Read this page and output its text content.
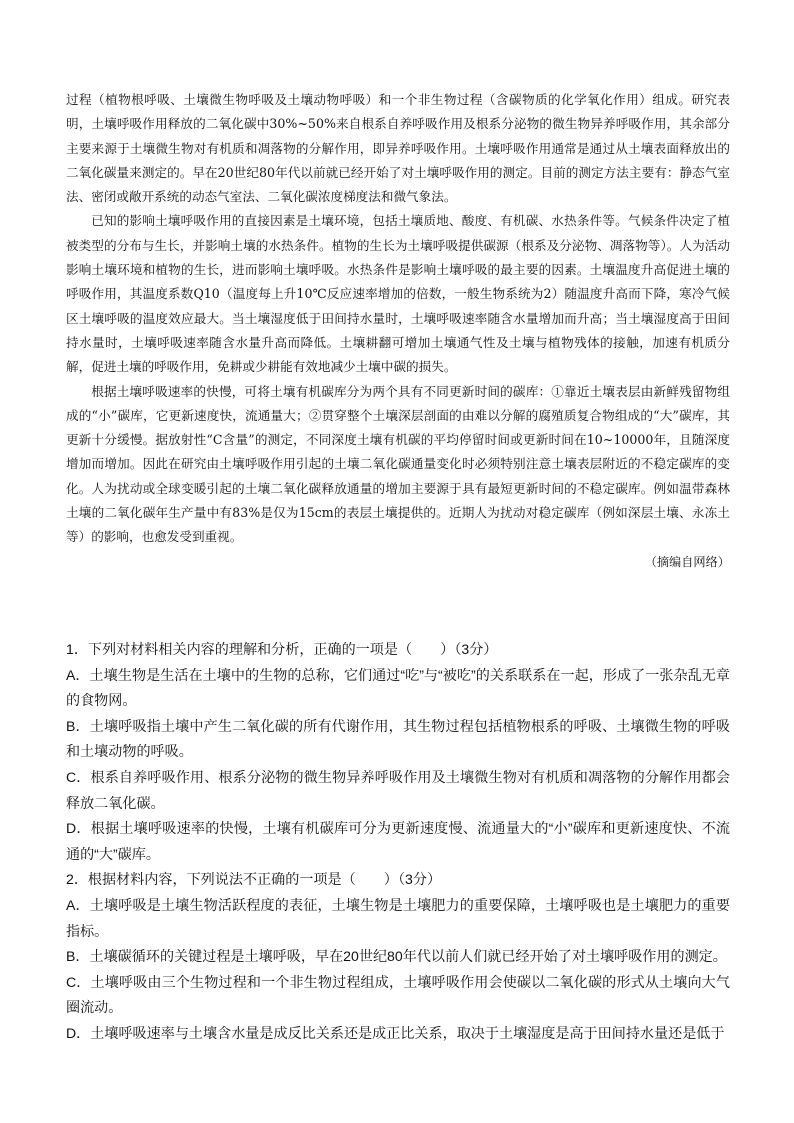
过程（植物根呼吸、土壤微生物呼吸及土壤动物呼吸）和一个非生物过程（含碳物质的化学氧化作用）组成。研究表明，土壤呼吸作用释放的二氧化碳中30%~50%来自根系自养呼吸作用及根系分泌物的微生物异养呼吸作用，其余部分主要来源于土壤微生物对有机质和凋落物的分解作用，即异养呼吸作用。土壤呼吸作用通常是通过从土壤表面释放出的二氧化碳量来测定的。早在20世纪80年代以前就已经开始了对土壤呼吸作用的测定。目前的测定方法主要有：静态气室法、密闭或敞开系统的动态气室法、二氧化碳浓度梯度法和微气象法。

已知的影响土壤呼吸作用的直接因素是土壤环境，包括土壤质地、酸度、有机碳、水热条件等。气候条件决定了植被类型的分布与生长，并影响土壤的水热条件。植物的生长为土壤呼吸提供碳源（根系及分泌物、凋落物等）。人为活动影响土壤环境和植物的生长，进而影响土壤呼吸。水热条件是影响土壤呼吸的最主要的因素。土壤温度升高促进土壤的呼吸作用，其温度系数Q10（温度每上升10℃反应速率增加的倍数，一般生物系统为2）随温度升高而下降，寒冷气候区土壤呼吸的温度效应最大。当土壤湿度低于田间持水量时，土壤呼吸速率随含水量增加而升高；当土壤湿度高于田间持水量时，土壤呼吸速率随含水量升高而降低。土壤耕翻可增加土壤通气性及土壤与植物残体的接触，加速有机质分解，促进土壤的呼吸作用，免耕或少耕能有效地减少土壤中碳的损失。

根据土壤呼吸速率的快慢，可将土壤有机碳库分为两个具有不同更新时间的碳库：①靠近土壤表层由新鲜残留物组成的“小”碳库，它更新速度快，流通量大；②贯穿整个土壤深层剖面的由难以分解的腐殖质复合物组成的“大”碳库，其更新十分缓慢。据放射性“C含量”的测定，不同深度土壤有机碳的平均停留时间或更新时间在10~10000年，且随深度增加而增加。因此在研究由土壤呼吸作用引起的土壤二氧化碳通量变化时必须特别注意土壤表层附近的不稳定碳库的变化。人为扰动或全球变暖引起的土壤二氧化碳释放通量的增加主要源于具有最短更新时间的不稳定碳库。例如温带森林土壤的二氧化碳年生产量中有83%是仅为15cm的表层土壤提供的。近期人为扰动对稳定碳库（例如深层土壤、永冻土等）的影响，也愈发受到重视。

（摘编自网络）

1．下列对材料相关内容的理解和分析，正确的一项是（　　）（3分）

A．土壤生物是生活在土壤中的生物的总称，它们通过“吃”与“被吃”的关系联系在一起，形成了一张杂乱无章的食物网。

B．土壤呼吸指土壤中产生二氧化碳的所有代谢作用，其生物过程包括植物根系的呼吸、土壤微生物的呼吸和土壤动物的呼吸。

C．根系自养呼吸作用、根系分泌物的微生物异养呼吸作用及土壤微生物对有机质和凋落物的分解作用都会释放二氧化碳。

D．根据土壤呼吸速率的快慢，土壤有机碳库可分为更新速度慢、流通量大的“小”碳库和更新速度快、不流通的“大”碳库。

2．根据材料内容，下列说法不正确的一项是（　　）（3分）

A．土壤呼吸是土壤生物活跃程度的表征，土壤生物是土壤肥力的重要保障，土壤呼吸也是土壤肥力的重要指标。

B．土壤碳循环的关键过程是土壤呼吸，早在20世纪80年代以前人们就已经开始了对土壤呼吸作用的测定。

C．土壤呼吸由三个生物过程和一个非生物过程组成，土壤呼吸作用会使碳以二氧化碳的形式从土壤向大气圈流动。

D．土壤呼吸速率与土壤含水量是成反比关系还是成正比关系，取决于土壤湿度是高于田间持水量还是低于
